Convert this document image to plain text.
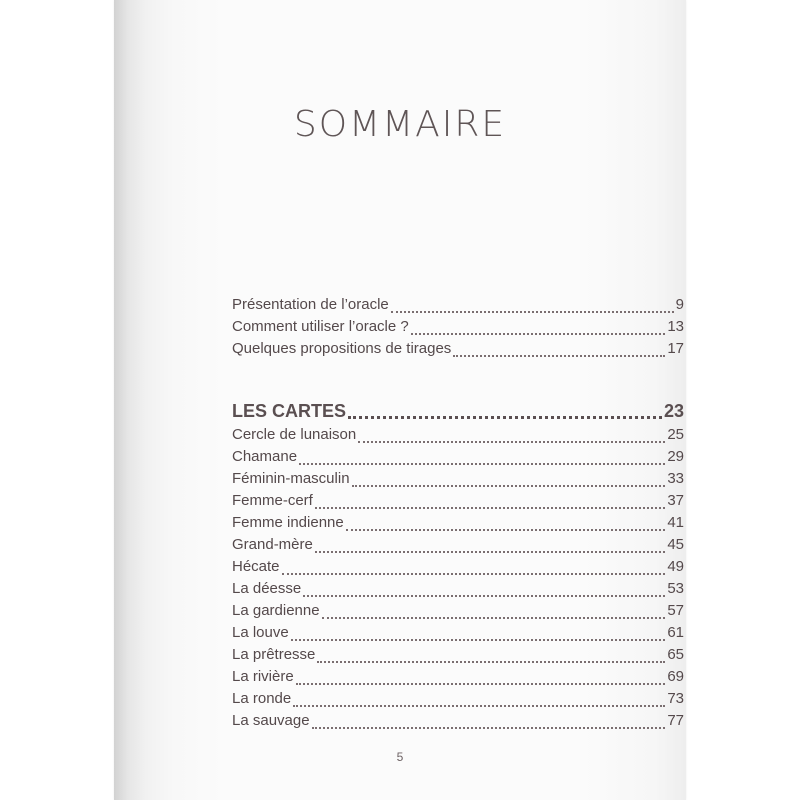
SOMMAIRE
Présentation de l’oracle	9
Comment utiliser l’oracle ?	13
Quelques propositions de tirages	17
LES CARTES	23
Cercle de lunaison	25
Chamane	29
Féminin-masculin	33
Femme-cerf	37
Femme indienne	41
Grand-mère	45
Hécate	49
La déesse	53
La gardienne	57
La louve	61
La prêtresse	65
La rivière	69
La ronde	73
La sauvage	77
5
